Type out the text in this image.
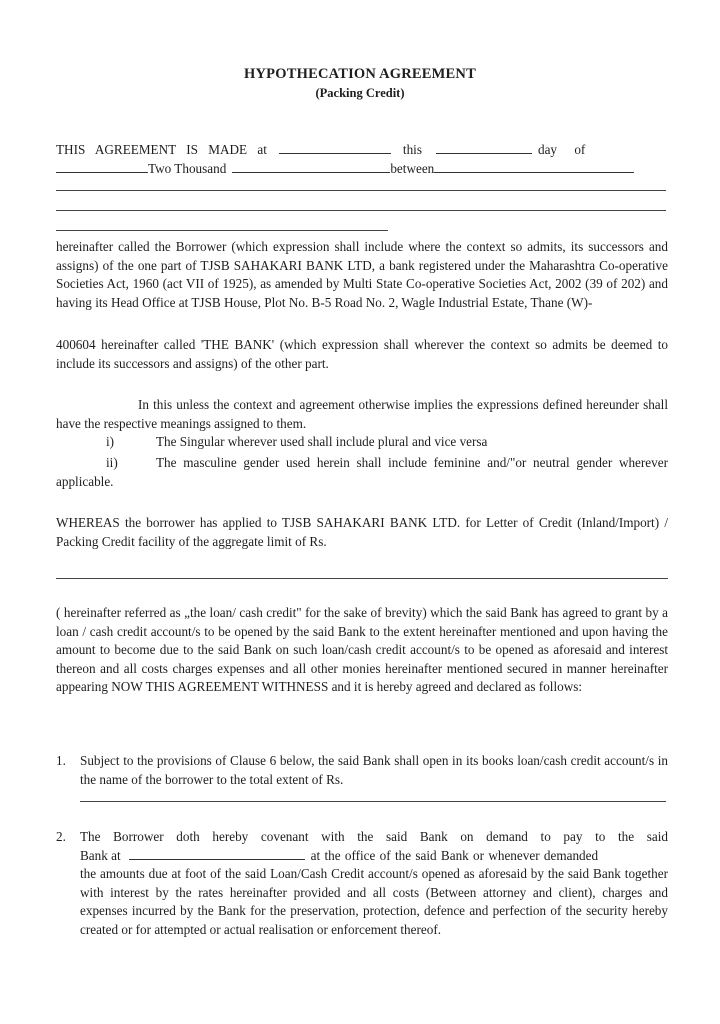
HYPOTHECATION AGREEMENT
(Packing Credit)
THIS AGREEMENT IS MADE at	this	day of
Two Thousand	between
hereinafter called the Borrower (which expression shall include where the context so admits, its successors and assigns) of the one part of TJSB SAHAKARI BANK LTD, a bank registered under the Maharashtra Co-operative Societies Act, 1960 (act VII of 1925), as amended by Multi State Co-operative Societies Act, 2002 (39 of 202) and having its Head Office at TJSB House, Plot No. B-5 Road No. 2, Wagle Industrial Estate, Thane (W)-
400604 hereinafter called 'THE BANK' (which expression shall wherever the context so admits be deemed to include its successors and assigns) of the other part.
In this unless the context and agreement otherwise implies the expressions defined hereunder shall have the respective meanings assigned to them.
i)	The Singular wherever used shall include plural and vice versa
ii)	The masculine gender used herein shall include feminine and/"or neutral gender wherever applicable.
WHEREAS the borrower has applied to TJSB SAHAKARI BANK LTD. for Letter of Credit (Inland/Import) / Packing Credit facility of the aggregate limit of Rs.
( hereinafter referred as „the loan/ cash credit" for the sake of brevity) which the said Bank has agreed to grant by a loan / cash credit account/s to be opened by the said Bank to the extent hereinafter mentioned and upon having the amount to become due to the said Bank on such loan/cash credit account/s to be opened as aforesaid and interest thereon and all costs charges expenses and all other monies hereinafter mentioned secured in manner hereinafter appearing NOW THIS AGREEMENT WITHNESS and it is hereby agreed and declared as follows:
1. Subject to the provisions of Clause 6 below, the said Bank shall open in its books loan/cash credit account/s in the name of the borrower to the total extent of Rs.
2. The Borrower doth hereby covenant with the said Bank on demand to pay to the said
Bank at	at the office of the said Bank or whenever demanded
the amounts due at foot of the said Loan/Cash Credit account/s opened as aforesaid by the said Bank together with interest by the rates hereinafter provided and all costs (Between attorney and client), charges and expenses incurred by the Bank for the preservation, protection, defence and perfection of the security hereby created or for attempted or actual realisation or enforcement thereof.
